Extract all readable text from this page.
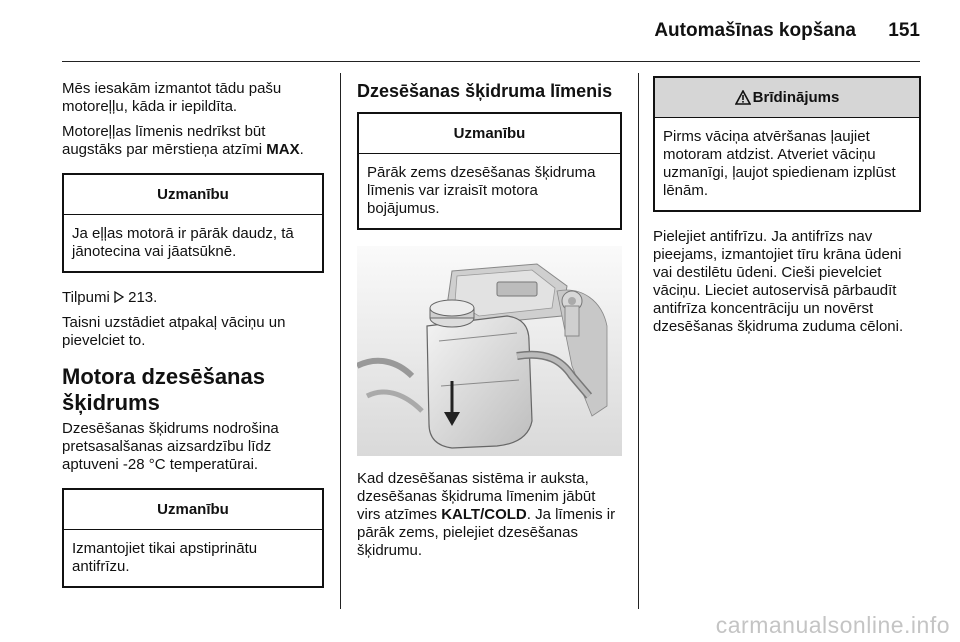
Automašīnas kopšana	151

Mēs iesakām izmantot tādu pašu motoreļļu, kāda ir iepildīta.

Motoreļļas līmenis nedrīkst būt augstāks par mērstieņa atzīmi MAX.

Uzmanību
Ja eļļas motorā ir pārāk daudz, tā jānotecina vai jāatsūknē.

Tilpumi  213.

Taisni uzstādiet atpakaļ vāciņu un pievelciet to.

Motora dzesēšanas šķidrums

Dzesēšanas šķidrums nodrošina pretsasalšanas aizsardzību līdz aptuveni -28 °C temperatūrai.

Uzmanību
Izmantojiet tikai apstiprinātu antifrīzu.
Dzesēšanas šķidruma līmenis
Uzmanību
Pārāk zems dzesēšanas šķidruma līmenis var izraisīt motora bojājumus.

Kad dzesēšanas sistēma ir auksta, dzesēšanas šķidruma līmenim jābūt virs atzīmes KALT/COLD. Ja līmenis ir pārāk zems, pielejiet dzesēšanas šķidrumu.

Brīdinājums
Pirms vāciņa atvēršanas ļaujiet motoram atdzist. Atveriet vāciņu uzmanīgi, ļaujot spiedienam izplūst lēnām.

Pielejiet antifrīzu. Ja antifrīzs nav pieejams, izmantojiet tīru krāna ūdeni vai destilētu ūdeni. Cieši pievelciet vāciņu. Lieciet autoservisā pārbaudīt antifrīza koncentrāciju un novērst dzesēšanas šķidruma zuduma cēloni.

carmanualsonline.info
